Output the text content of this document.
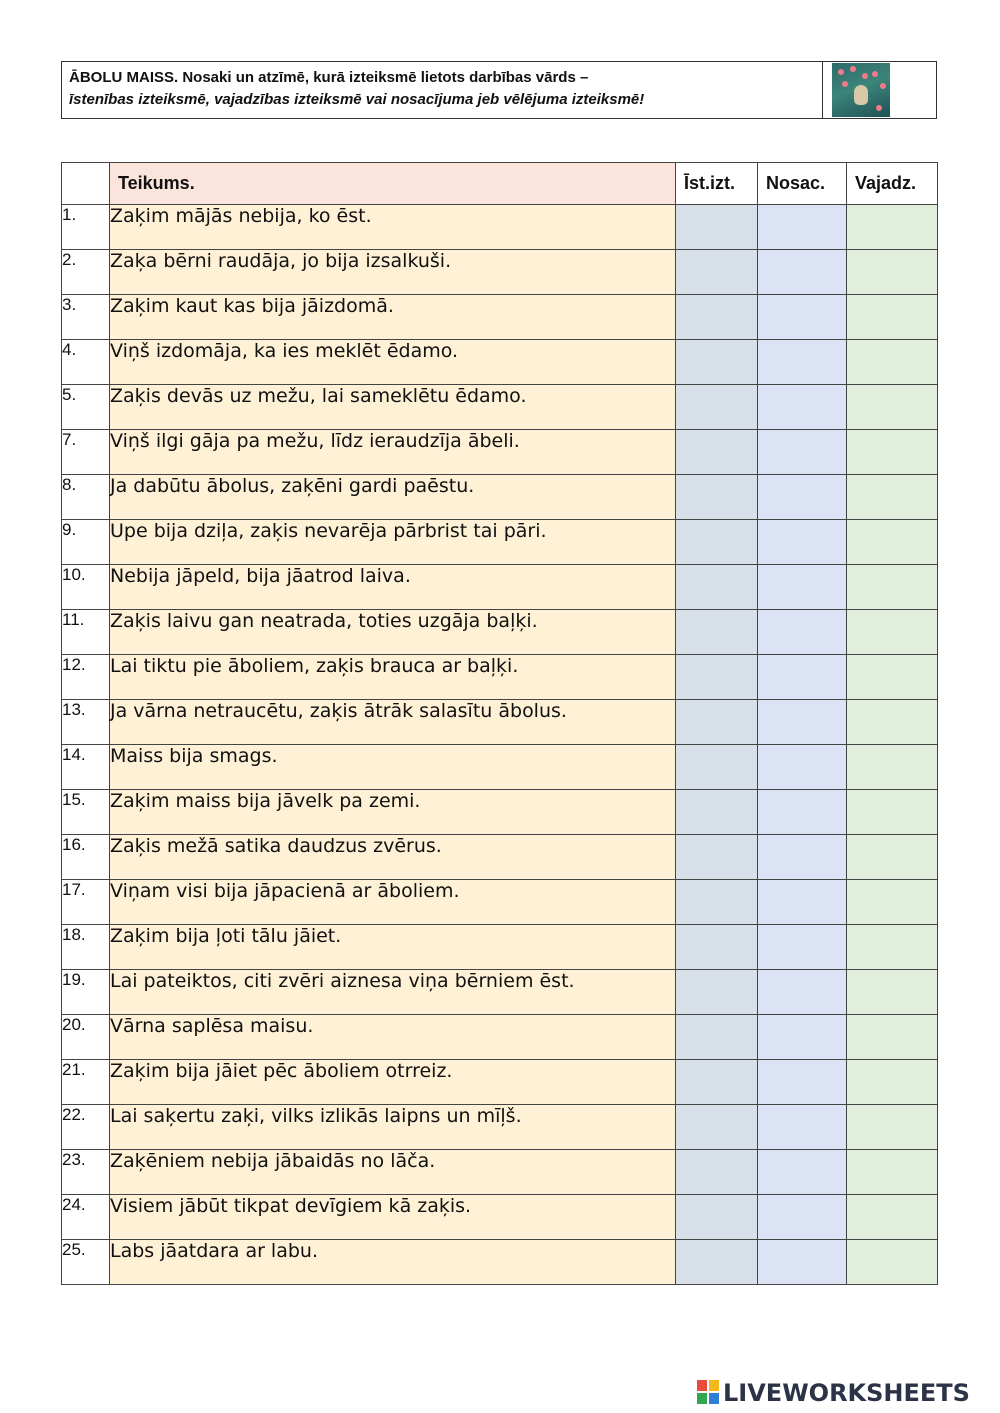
ĀBOLU MAISS. Nosaki un atzīmē, kurā izteiksmē lietots darbības vārds –
īstenības izteiksmē, vajadzības izteiksmē vai nosacījuma jeb vēlējuma izteiksmē!
	Teikums.	Īst.izt.	Nosac.	Vajadz.
1.	Zaķim mājās nebija, ko ēst.			
2.	Zaķa bērni raudāja, jo bija izsalkuši.			
3.	Zaķim kaut kas bija jāizdomā.			
4.	Viņš izdomāja, ka ies meklēt ēdamo.			
5.	Zaķis devās uz mežu, lai sameklētu ēdamo.			
7.	Viņš ilgi gāja pa mežu, līdz ieraudzīja ābeli.			
8.	Ja dabūtu ābolus, zaķēni gardi paēstu.			
9.	Upe bija dziļa, zaķis nevarēja pārbrist tai pāri.			
10.	Nebija jāpeld, bija jāatrod laiva.			
11.	Zaķis laivu gan neatrada, toties uzgāja baļķi.			
12.	Lai tiktu pie āboliem, zaķis brauca ar baļķi.			
13.	Ja vārna netraucētu, zaķis ātrāk salasītu ābolus.			
14.	Maiss bija smags.			
15.	Zaķim maiss bija jāvelk pa zemi.			
16.	Zaķis mežā satika daudzus zvērus.			
17.	Viņam visi bija jāpacienā ar āboliem.			
18.	Zaķim bija ļoti tālu jāiet.			
19.	Lai pateiktos, citi zvēri aiznesa viņa bērniem ēst.			
20.	Vārna saplēsa maisu.			
21.	Zaķim bija jāiet pēc āboliem otrreiz.			
22.	Lai saķertu zaķi, vilks izlikās laipns un mīļš.			
23.	Zaķēniem nebija jābaidās no lāča.			
24.	Visiem jābūt tikpat devīgiem kā zaķis.			
25.	Labs jāatdara ar labu.			
LIVEWORKSHEETS
